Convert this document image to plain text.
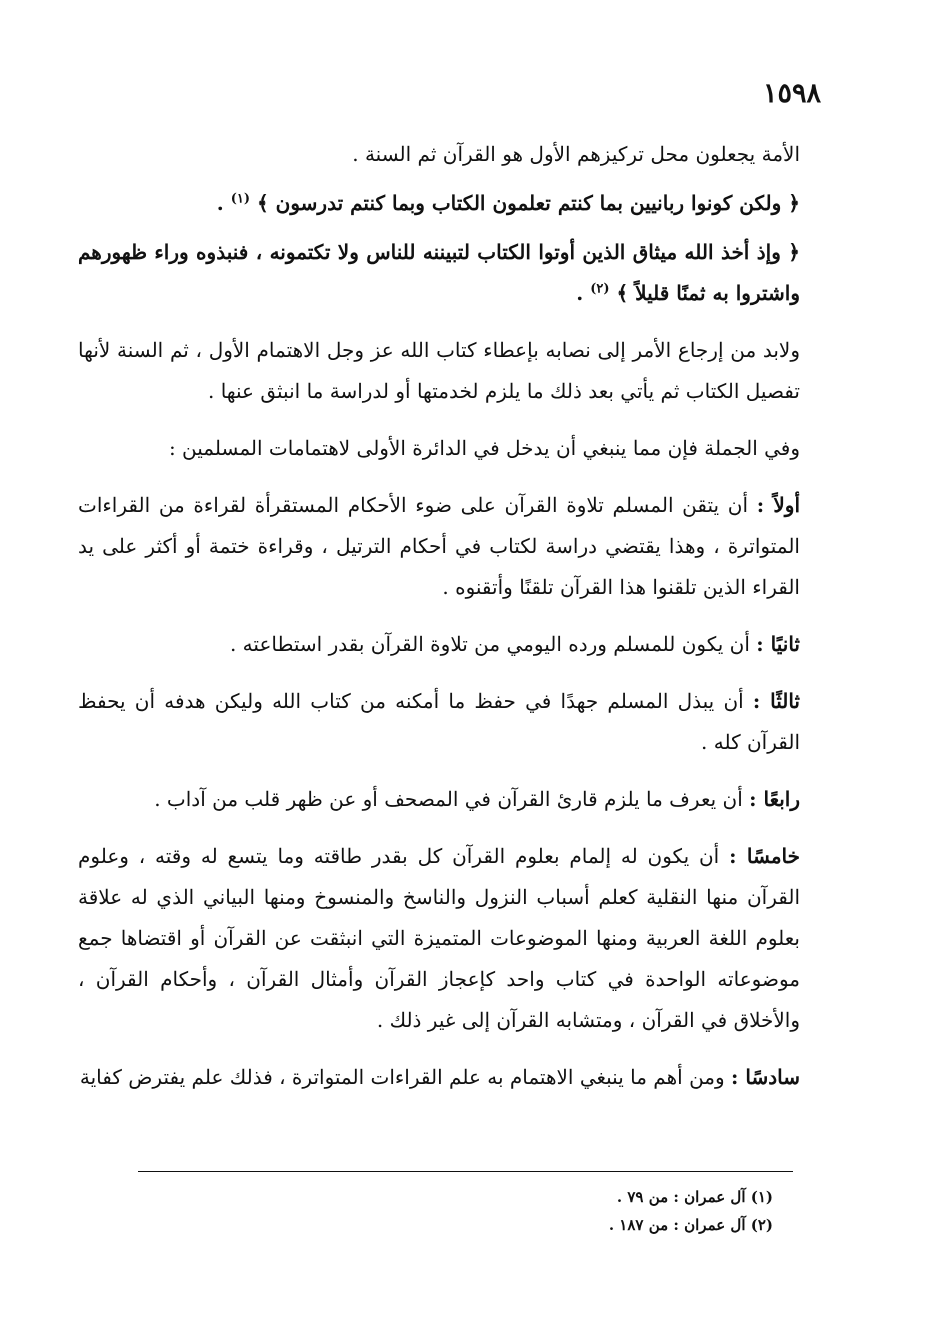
١٥٩٨

الأمة يجعلون محل تركيزهم الأول هو القرآن ثم السنة .

﴿ ولكن كونوا ربانيين بما كنتم تعلمون الكتاب وبما كنتم تدرسون ﴾ $^{(١)}$ .

﴿ وإذ أخذ الله ميثاق الذين أوتوا الكتاب لتبيننه للناس ولا تكتمونه ، فنبذوه وراء ظهورهم واشتروا به ثمنًا قليلاً ﴾ $^{(٢)}$ .

ولابد من إرجاع الأمر إلى نصابه بإعطاء كتاب الله عز وجل الاهتمام الأول ، ثم السنة لأنها تفصيل الكتاب ثم يأتي بعد ذلك ما يلزم لخدمتها أو لدراسة ما انبثق عنها .

وفي الجملة فإن مما ينبغي أن يدخل في الدائرة الأولى لاهتمامات المسلمين :

أولاً : أن يتقن المسلم تلاوة القرآن على ضوء الأحكام المستقرأة لقراءة من القراءات المتواترة ، وهذا يقتضي دراسة لكتاب في أحكام الترتيل ، وقراءة ختمة أو أكثر على يد القراء الذين تلقنوا هذا القرآن تلقنًا وأتقنوه .

ثانيًا : أن يكون للمسلم ورده اليومي من تلاوة القرآن بقدر استطاعته .

ثالثًا : أن يبذل المسلم جهدًا في حفظ ما أمكنه من كتاب الله وليكن هدفه أن يحفظ القرآن كله .

رابعًا : أن يعرف ما يلزم قارئ القرآن في المصحف أو عن ظهر قلب من آداب .

خامسًا : أن يكون له إلمام بعلوم القرآن كل بقدر طاقته وما يتسع له وقته ، وعلوم القرآن منها النقلية كعلم أسباب النزول والناسخ والمنسوخ ومنها البياني الذي له علاقة بعلوم اللغة العربية ومنها الموضوعات المتميزة التي انبثقت عن القرآن أو اقتضاها جمع موضوعاته الواحدة في كتاب واحد كإعجاز القرآن وأمثال القرآن ، وأحكام القرآن ، والأخلاق في القرآن ، ومتشابه القرآن إلى غير ذلك .

سادسًا : ومن أهم ما ينبغي الاهتمام به علم القراءات المتواترة ، فذلك علم يفترض كفاية

(١) آل عمران : من ٧٩ .
(٢) آل عمران : من ١٨٧ .
